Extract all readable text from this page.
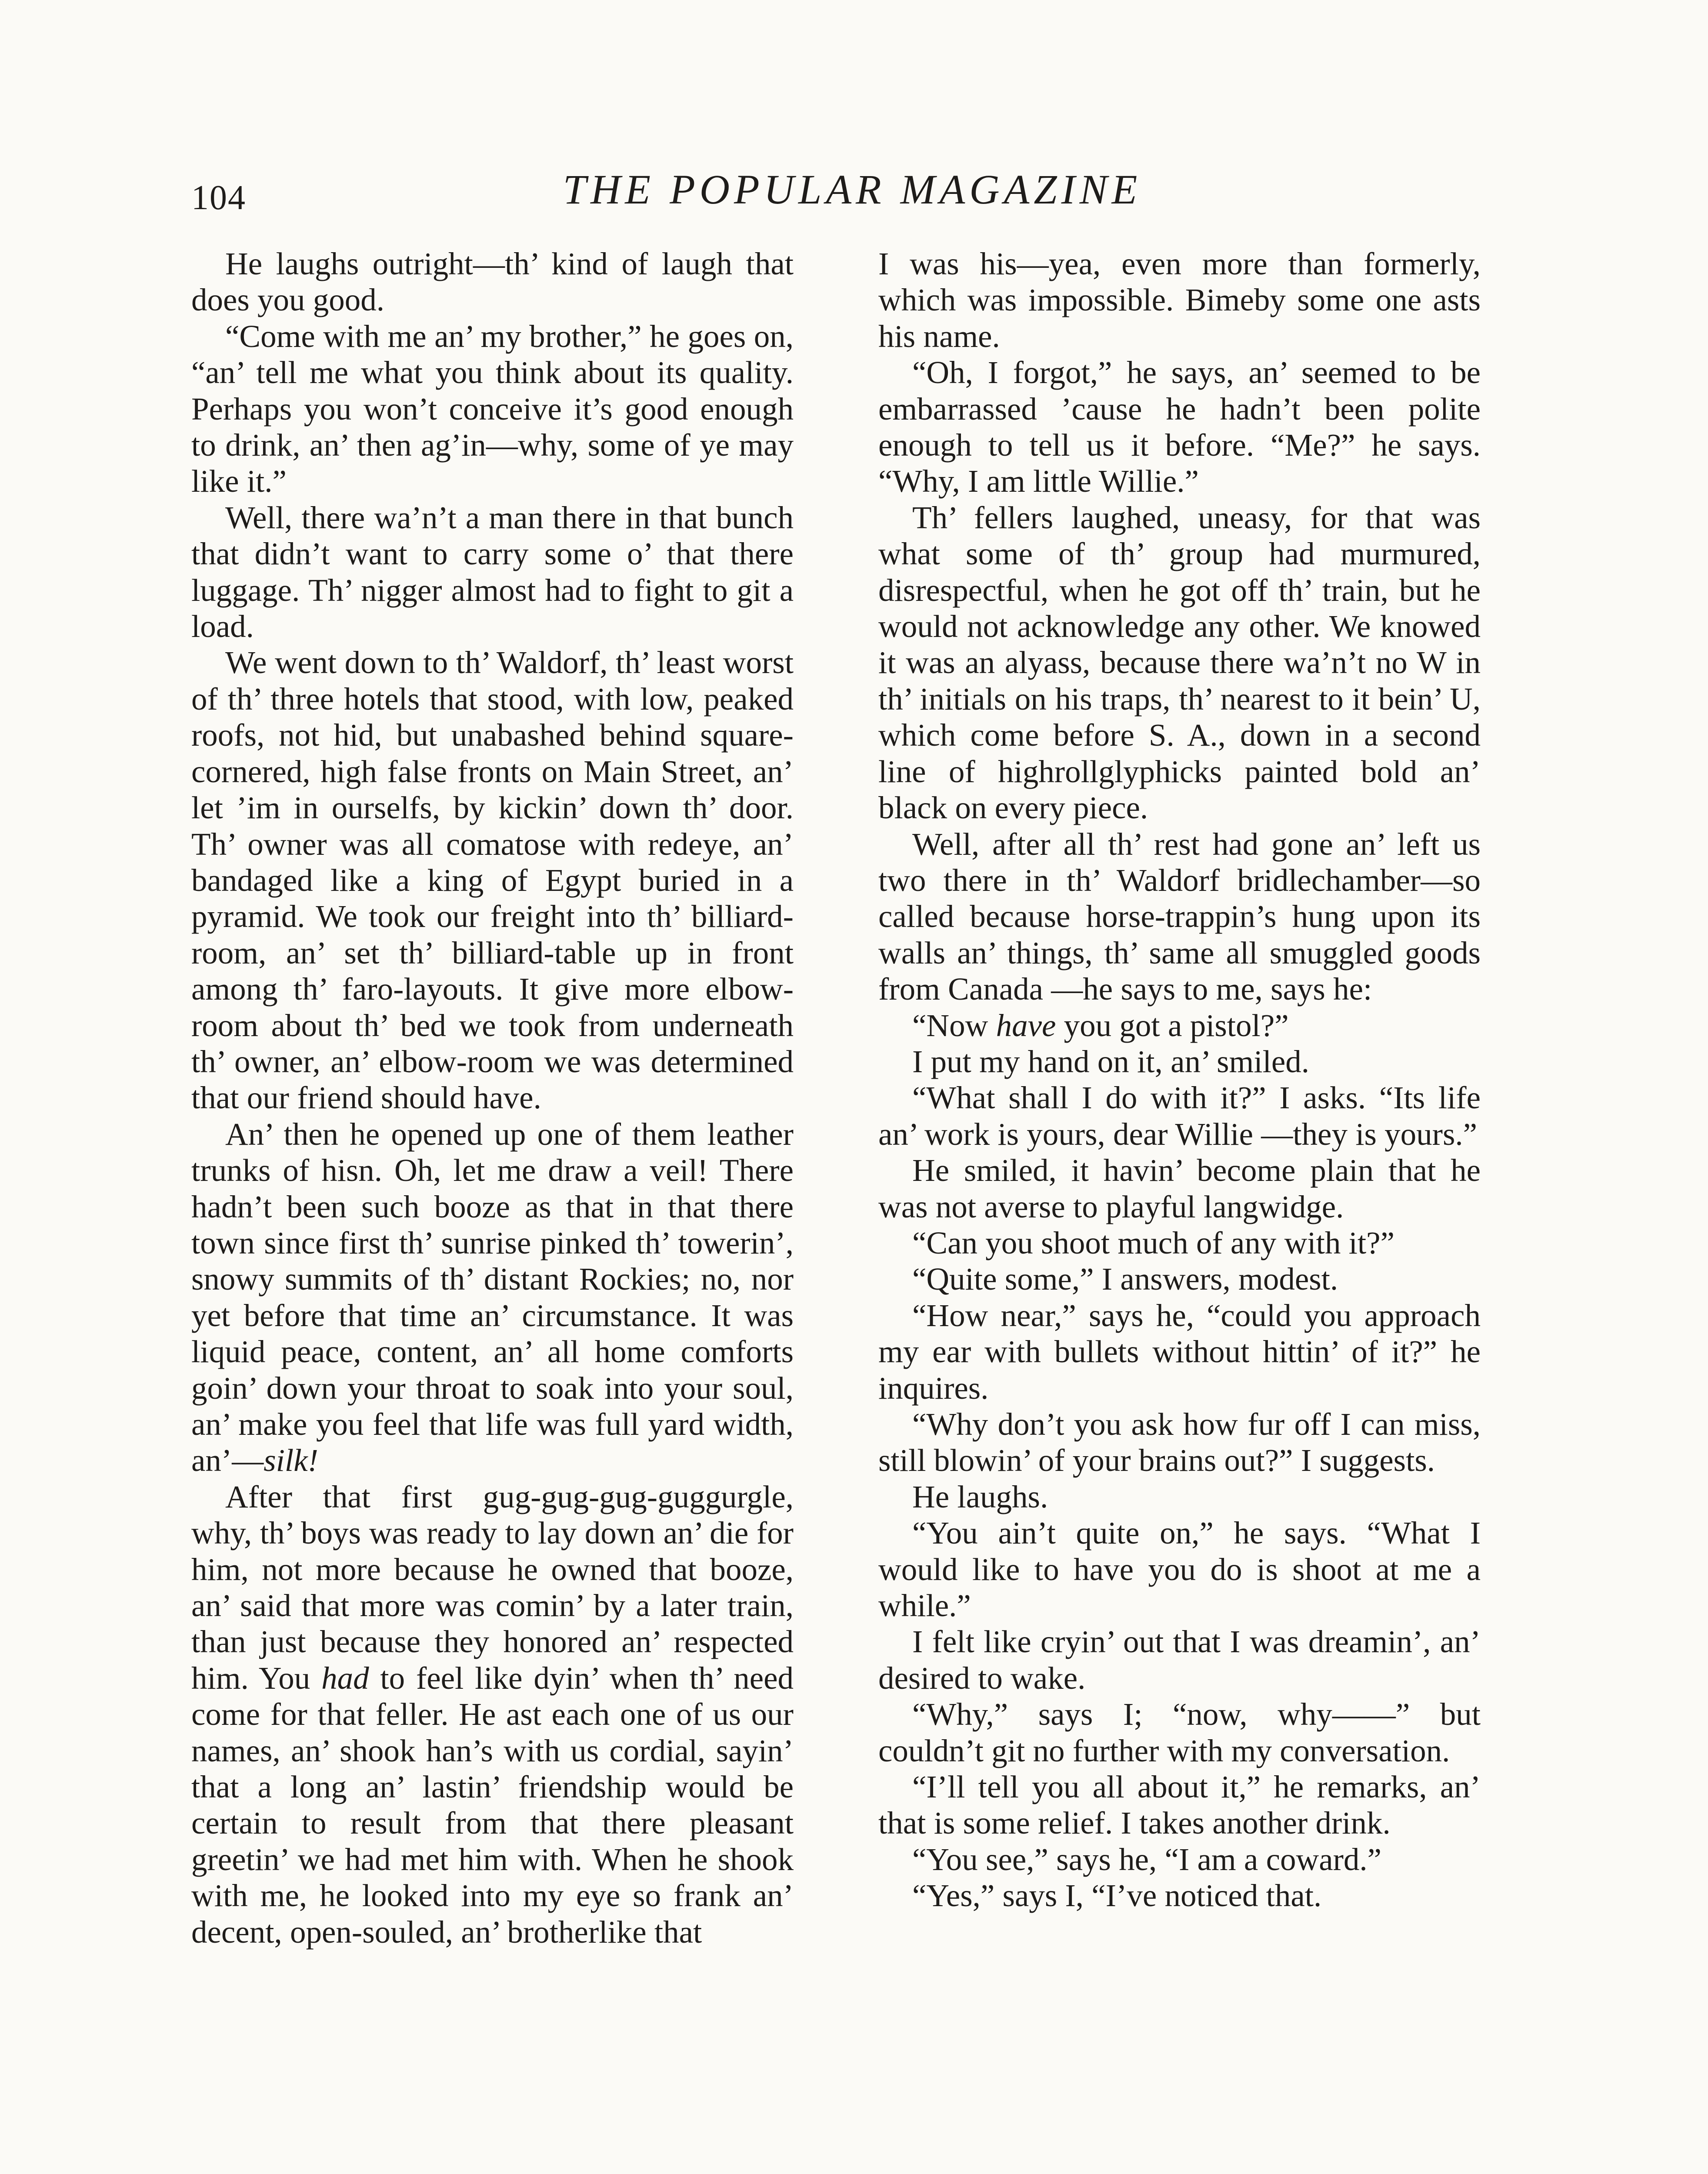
104	THE POPULAR MAGAZINE

He laughs outright—th’ kind of laugh that does you good.

“Come with me an’ my brother,” he goes on, “an’ tell me what you think about its quality. Perhaps you won’t conceive it’s good enough to drink, an’ then ag’in—why, some of ye may like it.”

Well, there wa’n’t a man there in that bunch that didn’t want to carry some o’ that there luggage. Th’ nigger almost had to fight to git a load.

We went down to th’ Waldorf, th’ least worst of th’ three hotels that stood, with low, peaked roofs, not hid, but unabashed behind square-cornered, high false fronts on Main Street, an’ let ’im in ourselfs, by kickin’ down th’ door. Th’ owner was all comatose with redeye, an’ bandaged like a king of Egypt buried in a pyramid. We took our freight into th’ billiard-room, an’ set th’ billiard-table up in front among th’ faro-layouts. It give more elbowroom about th’ bed we took from underneath th’ owner, an’ elbow-room we was determined that our friend should have.

An’ then he opened up one of them leather trunks of hisn. Oh, let me draw a veil! There hadn’t been such booze as that in that there town since first th’ sunrise pinked th’ towerin’, snowy summits of th’ distant Rockies; no, nor yet before that time an’ circumstance. It was liquid peace, content, an’ all home comforts goin’ down your throat to soak into your soul, an’ make you feel that life was full yard width, an’—silk!

After that first gug-gug-gug-guggurgle, why, th’ boys was ready to lay down an’ die for him, not more because he owned that booze, an’ said that more was comin’ by a later train, than just because they honored an’ respected him. You had to feel like dyin’ when th’ need come for that feller. He ast each one of us our names, an’ shook han’s with us cordial, sayin’ that a long an’ lastin’ friendship would be certain to result from that there pleasant greetin’ we had met him with. When he shook with me, he looked into my eye so frank an’ decent, open-souled, an’ brotherlike that

I was his—yea, even more than formerly, which was impossible. Bimeby some one asts his name.

“Oh, I forgot,” he says, an’ seemed to be embarrassed ’cause he hadn’t been polite enough to tell us it before. “Me?” he says. “Why, I am little Willie.”

Th’ fellers laughed, uneasy, for that was what some of th’ group had murmured, disrespectful, when he got off th’ train, but he would not acknowledge any other. We knowed it was an alyass, because there wa’n’t no W in th’ initials on his traps, th’ nearest to it bein’ U, which come before S. A., down in a second line of highrollglyphicks painted bold an’ black on every piece.

Well, after all th’ rest had gone an’ left us two there in th’ Waldorf bridlechamber—so called because horse-trappin’s hung upon its walls an’ things, th’ same all smuggled goods from Canada —he says to me, says he:

“Now have you got a pistol?”

I put my hand on it, an’ smiled.

“What shall I do with it?” I asks. “Its life an’ work is yours, dear Willie —they is yours.”

He smiled, it havin’ become plain that he was not averse to playful langwidge.

“Can you shoot much of any with it?”

“Quite some,” I answers, modest.

“How near,” says he, “could you approach my ear with bullets without hittin’ of it?” he inquires.

“Why don’t you ask how fur off I can miss, still blowin’ of your brains out?” I suggests.

He laughs.

“You ain’t quite on,” he says. “What I would like to have you do is shoot at me a while.”

I felt like cryin’ out that I was dreamin’, an’ desired to wake.

“Why,” says I; “now, why——” but couldn’t git no further with my conversation.

“I’ll tell you all about it,” he remarks, an’ that is some relief. I takes another drink.

“You see,” says he, “I am a coward.”

“Yes,” says I, “I’ve noticed that.
